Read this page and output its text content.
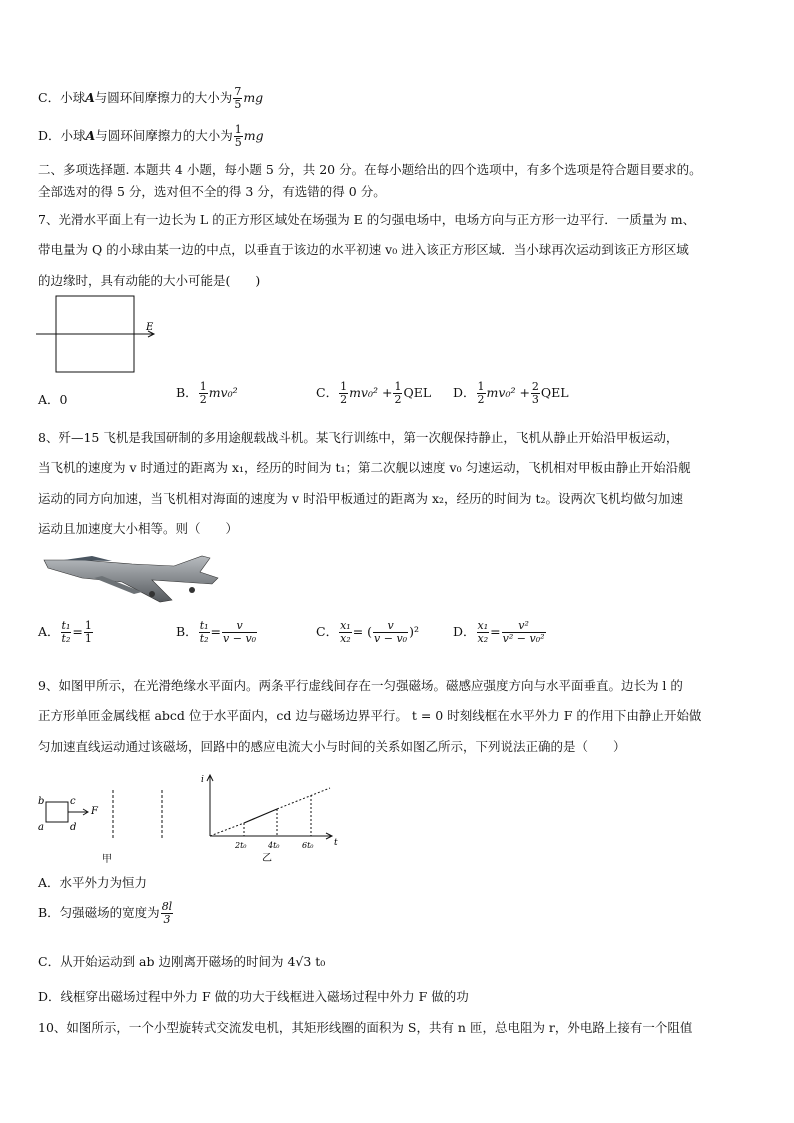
C．小球A与圆环间摩擦力的大小为 $\frac{7}{5}$ mg
D．小球A与圆环间摩擦力的大小为 $\frac{1}{5}$ mg
二、多项选择题. 本题共 4 小题，每小题 5 分，共 20 分。在每小题给出的四个选项中，有多个选项是符合题目要求的。
全部选对的得 5 分，选对但不全的得 3 分，有选错的得 0 分。
7、光滑水平面上有一边长为 L 的正方形区域处在场强为 E 的匀强电场中，电场方向与正方形一边平行．一质量为 m、
带电量为 Q 的小球由某一边的中点，以垂直于该边的水平初速 v₀ 进入该正方形区域．当小球再次运动到该正方形区域
的边缘时，具有动能的大小可能是(　　)
E
A．0	B． $\frac{1}{2} mv_0^2$	C． $\frac{1}{2} mv_0^2 + \frac{1}{2}$ QEL D． $\frac{1}{2} mv_0^2 + \frac{2}{3}$ QEL
8、歼—15 飞机是我国研制的多用途舰载战斗机。某飞行训练中，第一次舰保持静止，飞机从静止开始沿甲板运动，
当飞机的速度为 v 时通过的距离为 x₁，经历的时间为 t₁；第二次舰以速度 v₀ 匀速运动，飞机相对甲板由静止开始沿舰
运动的同方向加速，当飞机相对海面的速度为 v 时沿甲板通过的距离为 x₂，经历的时间为 t₂。设两次飞机均做匀加速
运动且加速度大小相等。则（　　）
A． $\frac{\text{t₁}}{\text{t₂}} = \frac{1}{1}$	B． $\frac{\text{t₁}}{\text{t₂}} = \frac{v}{\text{v − v₀}}$	C． $\frac{\text{x₁}}{\text{x₂}}$ = ( $\frac{v}{\text{v − v₀}} )^2$	D． $\frac{\text{x₁}}{\text{x₂}} = \frac{\text{v²}}{\text{v² − v₀²}}$
9、如图甲所示，在光滑绝缘水平面内。两条平行虚线间存在一匀强磁场。磁感应强度方向与水平面垂直。边长为 l 的
正方形单匝金属线框 abcd 位于水平面内，cd 边与磁场边界平行。 t = 0 时刻线框在水平外力 F 的作用下由静止开始做
匀加速直线运动通过该磁场，回路中的感应电流大小与时间的关系如图乙所示，下列说法正确的是（　　）
b	c
a	d
F
甲
i
t
2t₀	4t₀	6t₀
乙
A．水平外力为恒力
B．匀强磁场的宽度为 $\frac{8l}{3}$
C．从开始运动到 ab 边刚离开磁场的时间为 4√3 t₀
D．线框穿出磁场过程中外力 F 做的功大于线框进入磁场过程中外力 F 做的功
10、如图所示，一个小型旋转式交流发电机，其矩形线圈的面积为 S，共有 n 匝，总电阻为 r，外电路上接有一个阻值
